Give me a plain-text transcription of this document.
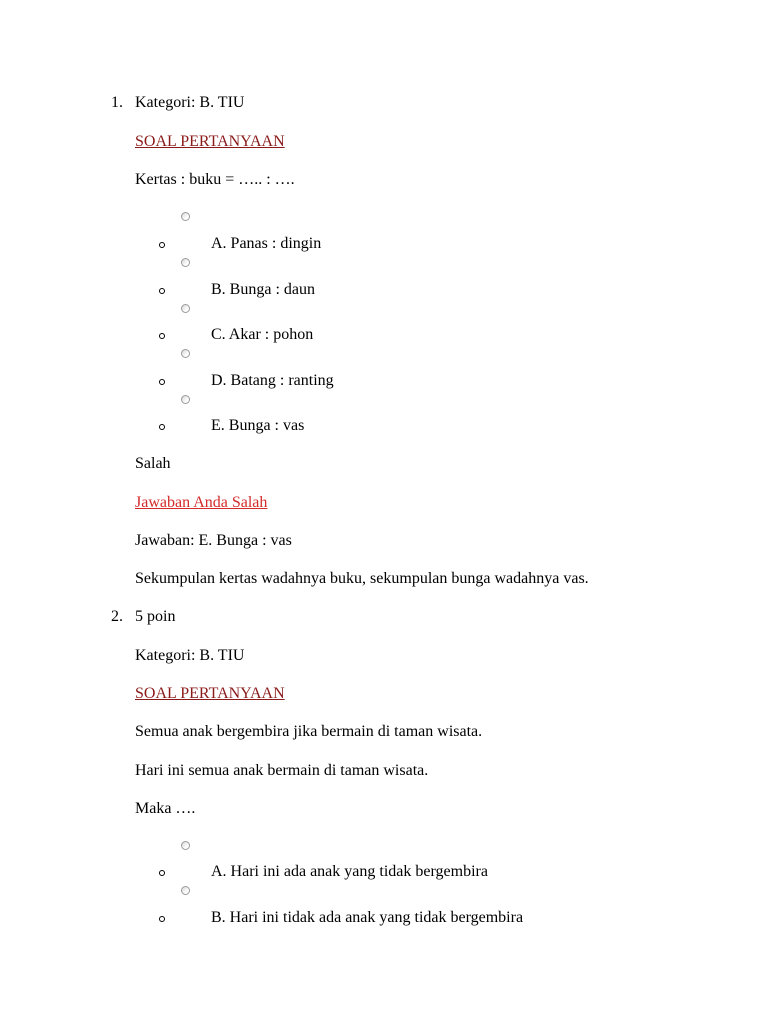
1. Kategori: B. TIU
SOAL PERTANYAAN
Kertas : buku = ….. : ….
A. Panas : dingin
B. Bunga : daun
C. Akar : pohon
D. Batang : ranting
E. Bunga : vas
Salah
Jawaban Anda Salah
Jawaban: E. Bunga : vas
Sekumpulan kertas wadahnya buku, sekumpulan bunga wadahnya vas.
2. 5 poin
Kategori: B. TIU
SOAL PERTANYAAN
Semua anak bergembira jika bermain di taman wisata.
Hari ini semua anak bermain di taman wisata.
Maka ….
A. Hari ini ada anak yang tidak bergembira
B. Hari ini tidak ada anak yang tidak bergembira
